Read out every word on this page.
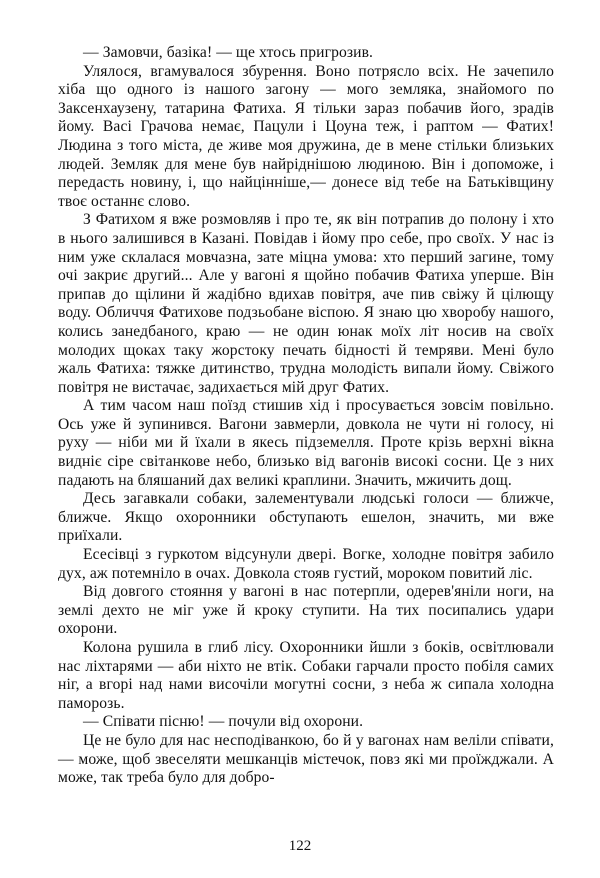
— Замовчи, базіка! — ще хтось пригрозив.

Улялося, вгамувалося збурення. Воно потрясло всіх. Не зачепило хіба що одного із нашого загону — мого земляка, знайомого по Заксенхаузену, татарина Фатиха. Я тільки зараз побачив його, зрадів йому. Васі Грачова немає, Пацули і Цоуна теж, і раптом — Фатих! Людина з того міста, де живе моя дружина, де в мене стільки близьких людей. Земляк для мене був найріднішою людиною. Він і допоможе, і передасть новину, і, що найцінніше,— донесе від тебе на Батьківщину твоє останнє слово.

З Фатихом я вже розмовляв і про те, як він потрапив до полону і хто в нього залишився в Казані. Повідав і йому про себе, про своїх. У нас із ним уже склалася мовчазна, зате міцна умова: хто перший загине, тому очі закриє другий... Але у вагоні я щойно побачив Фатиха уперше. Він припав до щілини й жадібно вдихав повітря, аче пив свіжу й цілющу воду. Обличчя Фатихове подзьобане віспою. Я знаю цю хворобу нашого, колись занедбаного, краю — не один юнак моїх літ носив на своїх молодих щоках таку жорстоку печать бідності й темряви. Мені було жаль Фатиха: тяжке дитинство, трудна молодість випали йому. Свіжого повітря не вистачає, задихається мій друг Фатих.

А тим часом наш поїзд стишив хід і просувається зовсім повільно. Ось уже й зупинився. Вагони завмерли, довкола не чути ні голосу, ні руху — ніби ми й їхали в якесь підземелля. Проте крізь верхні вікна видніє сіре світанкове небо, близько від вагонів високі сосни. Це з них падають на бляшаний дах великі краплини. Значить, мжичить дощ.

Десь загавкали собаки, залементували людські голоси — ближче, ближче. Якщо охоронники обступають ешелон, значить, ми вже приїхали.

Есесівці з гуркотом відсунули двері. Вогке, холодне повітря забило дух, аж потемніло в очах. Довкола стояв густий, мороком повитий ліс.

Від довгого стояння у вагоні в нас потерпли, одерев'яніли ноги, на землі дехто не міг уже й кроку ступити. На тих посипались удари охорони.

Колона рушила в глиб лісу. Охоронники йшли з боків, освітлювали нас ліхтарями — аби ніхто не втік. Собаки гарчали просто побіля самих ніг, а вгорі над нами височіли могутні сосни, з неба ж сипала холодна паморозь.

— Співати пісню! — почули від охорони.

Це не було для нас несподіванкою, бо й у вагонах нам веліли співати,— може, щоб звеселяти мешканців містечок, повз які ми проїжджали. А може, так треба було для добро-

122
